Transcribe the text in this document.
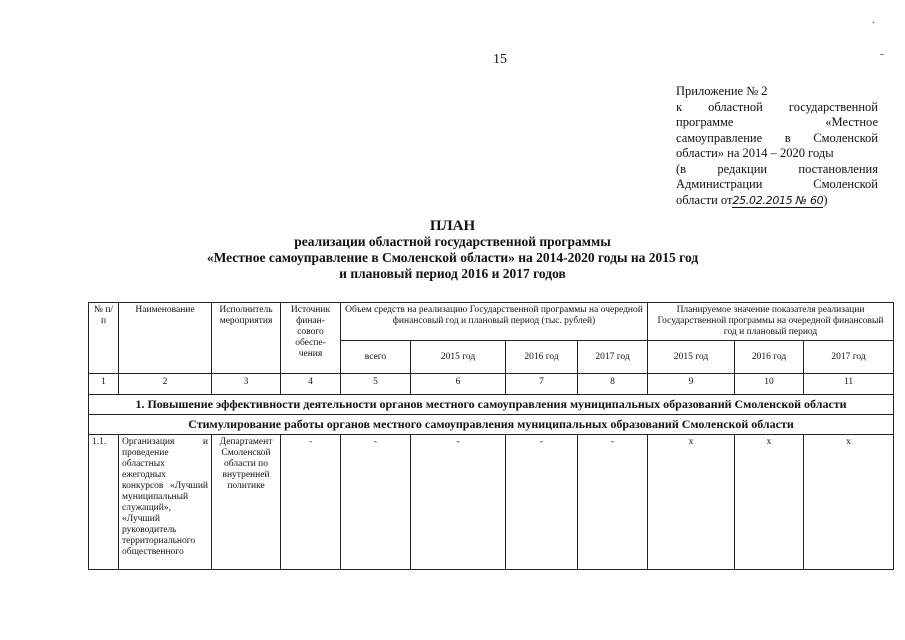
.
-
15
Приложение № 2
к областной государственной
программе «Местное
самоуправление в Смоленской
области» на 2014 – 2020 годы
(в редакции постановления
Администрации Смоленской
области от25.02.2015 № 60)
ПЛАН
реализации областной государственной программы
«Местное самоуправление в Смоленской области» на 2014-2020 годы на 2015 год
и плановый период 2016 и 2017 годов
№ п/п	Наименование	Исполнитель мероприятия	Источник финан- сового обеспе- чения	Объем средств на реализацию Государственной программы на очередной финансовый год и плановый период (тыс. рублей)				Планируемое значение показателя реализации Государственной программы на очередной финансовый год и плановый период		
				всего	2015 год	2016 год	2017 год	2015 год	2016 год	2017 год
1	2	3	4	5	6	7	8	9	10	11
1. Повышение эффективности деятельности органов местного самоуправления муниципальных образований Смоленской области										
Стимулирование работы органов местного самоуправления муниципальных образований Смоленской области										
1.1.	Организация и проведение областных ежегодных конкурсов «Лучший муниципальный служащий», «Лучший руководитель территориального общественного	Департамент Смоленской области по внутренней политике	-	-	-	-	-	х	х	х
